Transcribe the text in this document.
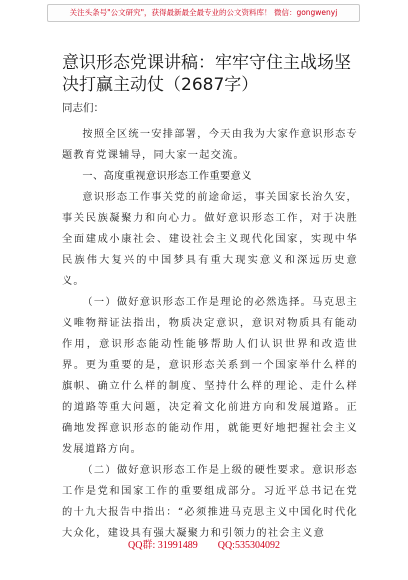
关注头条号"公文研究"，获得最新最全最专业的公文资料库！ 微信：gongwenyj
意识形态党课讲稿：牢牢守住主战场坚决打赢主动仗（2687字）
同志们：

按照全区统一安排部署，今天由我为大家作意识形态专题教育党课辅导，同大家一起交流。

一、高度重视意识形态工作重要意义

意识形态工作事关党的前途命运，事关国家长治久安，事关民族凝聚力和向心力。做好意识形态工作，对于决胜全面建成小康社会、建设社会主义现代化国家，实现中华民族伟大复兴的中国梦具有重大现实意义和深远历史意义。

（一）做好意识形态工作是理论的必然选择。马克思主义唯物辩证法指出，物质决定意识，意识对物质具有能动作用，意识形态能动性能够帮助人们认识世界和改造世界。更为重要的是，意识形态关系到一个国家举什么样的旗帜、确立什么样的制度、坚持什么样的理论、走什么样的道路等重大问题，决定着文化前进方向和发展道路。正确地发挥意识形态的能动作用，就能更好地把握社会主义发展道路方向。

（二）做好意识形态工作是上级的硬性要求。意识形态工作是党和国家工作的重要组成部分。习近平总书记在党的十九大报告中指出：“必须推进马克思主义中国化时代化大众化，建设具有强大凝聚力和引领力的社会主义意

QQ群: 31991489        QQ:535304092
